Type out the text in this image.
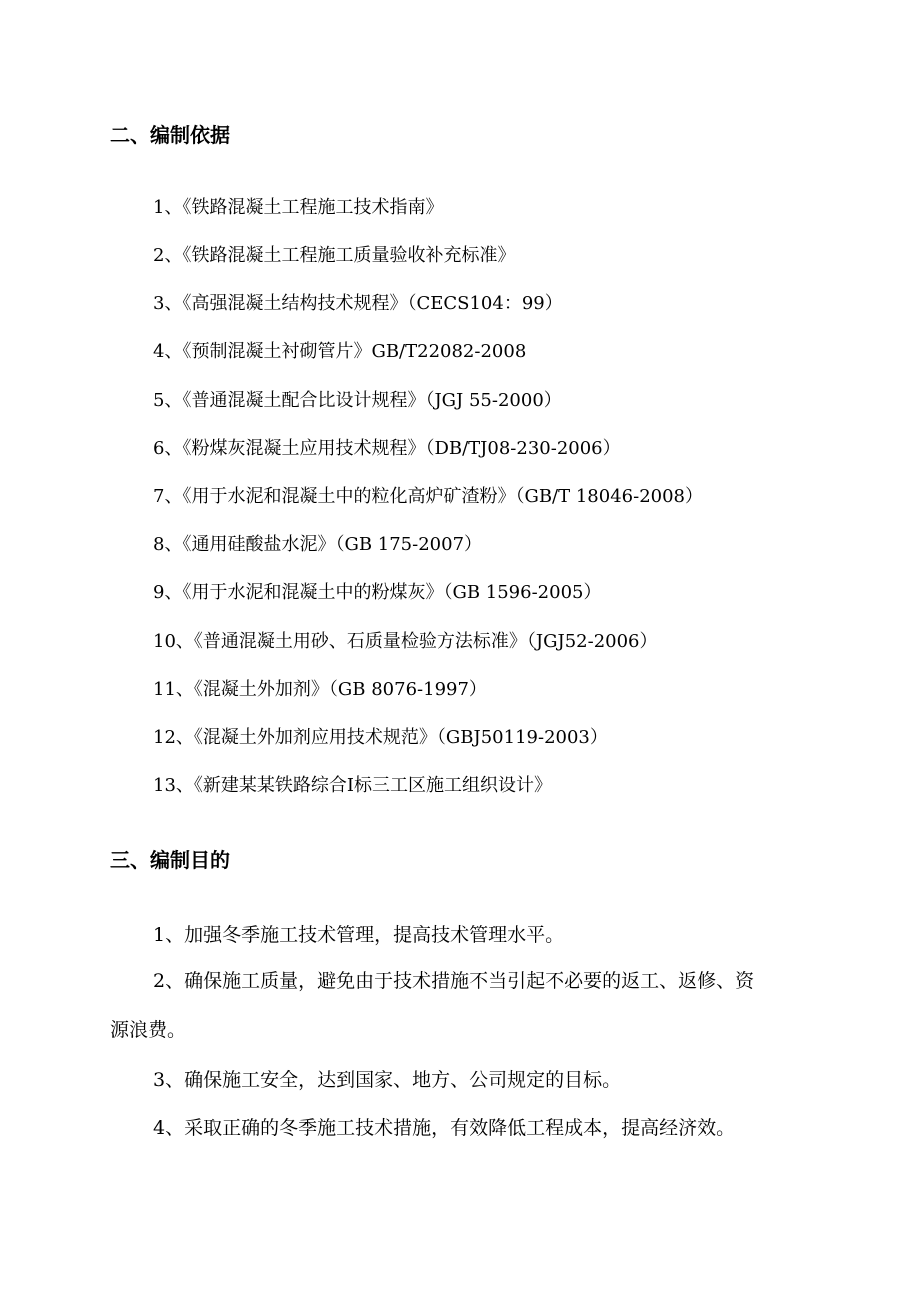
二、编制依据
1、《铁路混凝土工程施工技术指南》
2、《铁路混凝土工程施工质量验收补充标准》
3、《高强混凝土结构技术规程》（CECS104：99）
4、《预制混凝土衬砌管片》GB/T22082-2008
5、《普通混凝土配合比设计规程》（JGJ 55-2000）
6、《粉煤灰混凝土应用技术规程》（DB/TJ08-230-2006）
7、《用于水泥和混凝土中的粒化高炉矿渣粉》（GB/T 18046-2008）
8、《通用硅酸盐水泥》（GB 175-2007）
9、《用于水泥和混凝土中的粉煤灰》（GB 1596-2005）
10、《普通混凝土用砂、石质量检验方法标准》（JGJ52-2006）
11、《混凝土外加剂》（GB 8076-1997）
12、《混凝土外加剂应用技术规范》（GBJ50119-2003）
13、《新建某某铁路综合Ⅰ标三工区施工组织设计》
三、编制目的
1、加强冬季施工技术管理，提高技术管理水平。
2、确保施工质量，避免由于技术措施不当引起不必要的返工、返修、资
源浪费。
3、确保施工安全，达到国家、地方、公司规定的目标。
4、采取正确的冬季施工技术措施，有效降低工程成本，提高经济效。
